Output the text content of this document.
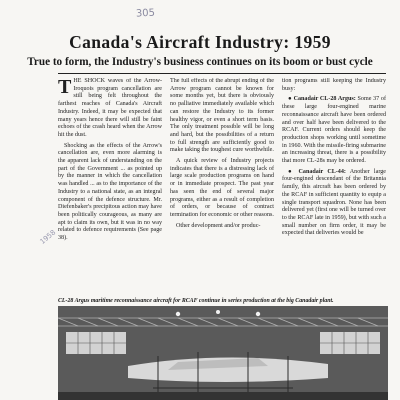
305
Canada's Aircraft Industry: 1959
True to form, the Industry's business continues on its boom or bust cycle

THE SHOCK waves of the Arrow-Iroquois program cancellation are still being felt throughout the farthest reaches of Canada's Aircraft Industry. Indeed, it may be expected that many years hence there will still be faint echoes of the crash heard when the Arrow hit the dust.

Shocking as the effects of the Arrow's cancellation are, even more alarming is the apparent lack of understanding on the part of the Government ... as pointed up by the manner in which the cancellation was handled ... as to the importance of the Industry to a national state, as an integral component of the defence structure. Mr. Diefenbaker's precipitous action may have been politically courageous, as many are apt to claim its own, but it was in no way related to defence requirements (See page 38).

The full effects of the abrupt ending of the Arrow program cannot be known for some months yet, but there is obviously no palliative immediately available which can restore the Industry to its former healthy vigor, or even a short term basis. The only treatment possible will be long and hard, but the possibilities of a return to full strength are sufficiently good to make taking the toughest cure worthwhile.

A quick review of Industry projects indicates that there is a distressing lack of large scale production programs on hand or in immediate prospect. The past year has seen the end of several major programs, either as a result of completion of orders, or because of contract termination for economic or other reasons.

Other development and/or produc-

tion programs still keeping the Industry busy:

● Canadair CL-28 Argus: Some 37 of these large four-engined marine reconnaissance aircraft have been ordered and over half have been delivered to the RCAF. Current orders should keep the production shops working until sometime in 1960. With the missile-firing submarine an increasing threat, there is a possibility that more CL-28s may be ordered.

● Canadair CL-44: Another large four-engined descendant of the Britannia family, this aircraft has been ordered by the RCAF in sufficient quantity to equip a single transport squadron. None has been delivered yet (first one will be turned over to the RCAF late in 1959), but with such a small number on firm order, it may be expected that deliveries would be

1958
CL-28 Argus maritime reconnaissance aircraft for RCAF continue in series production at the big Canadair plant.
